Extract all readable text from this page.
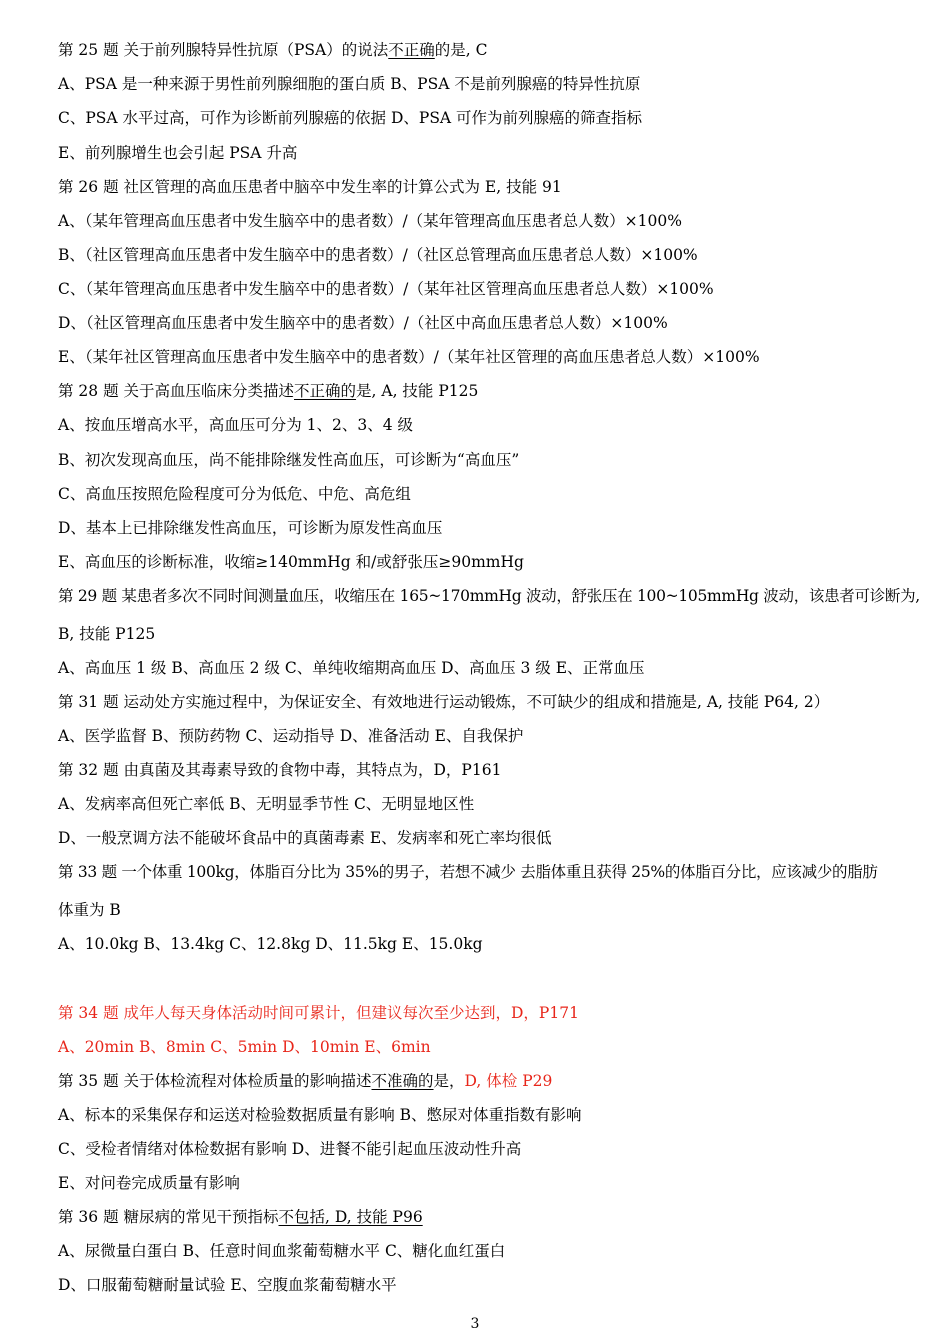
第 25 题 关于前列腺特异性抗原（PSA）的说法不正确的是, C
A、PSA 是一种来源于男性前列腺细胞的蛋白质 B、PSA 不是前列腺癌的特异性抗原
C、PSA 水平过高，可作为诊断前列腺癌的依据 D、PSA 可作为前列腺癌的筛查指标
E、前列腺增生也会引起 PSA 升高
第 26 题 社区管理的高血压患者中脑卒中发生率的计算公式为 E, 技能 91
A、（某年管理高血压患者中发生脑卒中的患者数）/（某年管理高血压患者总人数）×100%
B、（社区管理高血压患者中发生脑卒中的患者数）/（社区总管理高血压患者总人数）×100%
C、（某年管理高血压患者中发生脑卒中的患者数）/（某年社区管理高血压患者总人数）×100%
D、（社区管理高血压患者中发生脑卒中的患者数）/（社区中高血压患者总人数）×100%
E、（某年社区管理高血压患者中发生脑卒中的患者数）/（某年社区管理的高血压患者总人数）×100%
第 28 题 关于高血压临床分类描述不正确的是, A, 技能 P125
A、按血压增高水平，高血压可分为 1、2、3、4 级
B、初次发现高血压，尚不能排除继发性高血压，可诊断为“高血压”
C、高血压按照危险程度可分为低危、中危、高危组
D、基本上已排除继发性高血压，可诊断为原发性高血压
E、高血压的诊断标准，收缩≥140mmHg 和/或舒张压≥90mmHg
第 29 题 某患者多次不同时间测量血压，收缩压在 165~170mmHg 波动，舒张压在 100~105mmHg 波动，该患者可诊断为,
B, 技能 P125
A、高血压 1 级 B、高血压 2 级 C、单纯收缩期高血压 D、高血压 3 级 E、正常血压
第 31 题 运动处方实施过程中，为保证安全、有效地进行运动锻炼，不可缺少的组成和措施是, A, 技能 P64, 2）
A、医学监督 B、预防药物 C、运动指导 D、准备活动 E、自我保护
第 32 题 由真菌及其毒素导致的食物中毒，其特点为，D，P161
A、发病率高但死亡率低 B、无明显季节性 C、无明显地区性
D、一般烹调方法不能破坏食品中的真菌毒素 E、发病率和死亡率均很低
第 33 题 一个体重 100kg，体脂百分比为 35%的男子，若想不减少 去脂体重且获得 25%的体脂百分比，应该减少的脂肪
体重为 B
A、10.0kg B、13.4kg C、12.8kg D、11.5kg E、15.0kg
第 34 题 成年人每天身体活动时间可累计，但建议每次至少达到，D，P171
A、20min B、8min C、5min D、10min E、6min
第 35 题 关于体检流程对体检质量的影响描述不准确的是，D, 体检 P29
A、标本的采集保存和运送对检验数据质量有影响 B、憋尿对体重指数有影响
C、受检者情绪对体检数据有影响 D、进餐不能引起血压波动性升高
E、对问卷完成质量有影响
第 36 题 糖尿病的常见干预指标不包括, D, 技能 P96
A、尿微量白蛋白 B、任意时间血浆葡萄糖水平 C、糖化血红蛋白
D、口服葡萄糖耐量试验 E、空腹血浆葡萄糖水平
3
